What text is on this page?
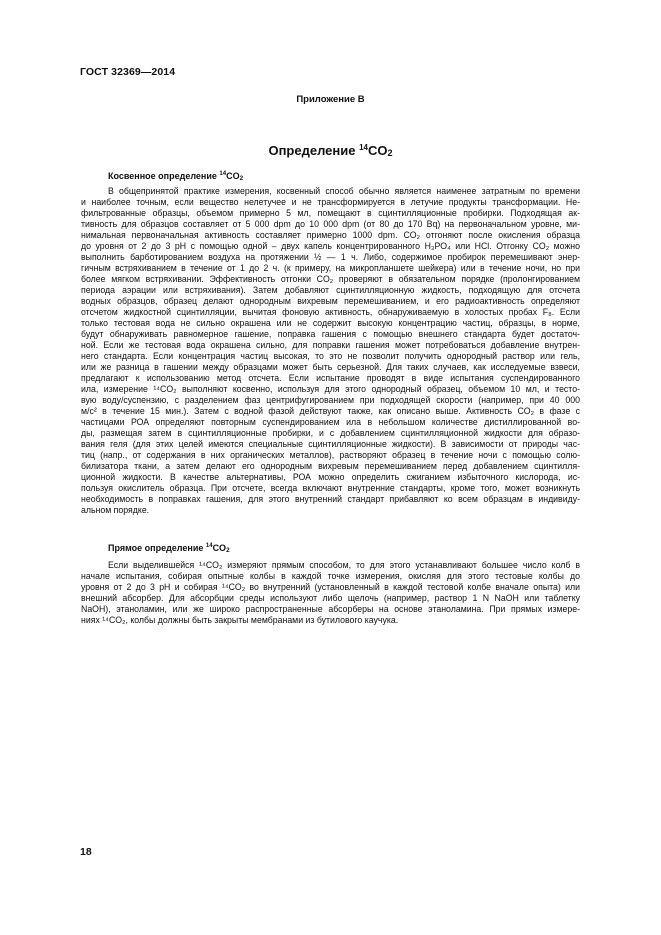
ГОСТ 32369—2014
Приложение В
Определение $^{14}CO_2$
Косвенное определение $^{14}CO_2$
В общепринятой практике измерения, косвенный способ обычно является наименее затратным по времени
и наиболее точным, если вещество нелетучее и не трансформируется в летучие продукты трансформации. Не-
фильтрованные образцы, объемом примерно 5 мл, помещают в сцинтилляционные пробирки. Подходящая ак-
тивность для образцов составляет от 5 000 dpm до 10 000 dpm (от 80 до 170 Bq) на первоначальном уровне, ми-
нимальная первоначальная активность составляет примерно 1000 dpm. CO₂ отгоняют после окисления образца
до уровня от 2 до 3 pH с помощью одной – двух капель концентрированного H₃PO₄ или HCl. Отгонку CO₂ можно
выполнить барботированием воздуха на протяжении ½ — 1 ч. Либо, содержимое пробирок перемешивают энер-
гичным встряхиванием в течение от 1 до 2 ч. (к примеру, на микропланшете шейкера) или в течение ночи, но при
более мягком встряхивании. Эффективность отгонки CO₂ проверяют в обязательном порядке (пролонгированием
периода аэрации или встряхивания). Затем добавляют сцинтилляционную жидкость, подходящую для отсчета
водных образцов, образец делают однородным вихревым перемешиванием, и его радиоактивность определяют
отсчетом жидкостной сцинтилляции, вычитая фоновую активность, обнаруживаемую в холостых пробах F₈. Если
только тестовая вода не сильно окрашена или не содержит высокую концентрацию частиц, образцы, в норме,
будут обнаруживать равномерное гашение, поправка гашения с помощью внешнего стандарта будет достаточ-
ной. Если же тестовая вода окрашена сильно, для поправки гашения может потребоваться добавление внутрен-
него стандарта. Если концентрация частиц высокая, то это не позволит получить однородный раствор или гель,
или же разница в гашении между образцами может быть серьезной. Для таких случаев, как исследуемые взвеси,
предлагают к использованию метод отсчета. Если испытание проводят в виде испытания суспендированного
ила, измерение ¹⁴CO₂ выполняют косвенно, используя для этого однородный образец, объемом 10 мл, и тесто-
вую воду/суспензию, с разделением фаз центрифугированием при подходящей скорости (например, при 40 000
м/с² в течение 15 мин.). Затем с водной фазой действуют также, как описано выше. Активность CO₂ в фазе с
частицами РОА определяют повторным суспендированием ила в небольшом количестве дистиллированной во-
ды, размещая затем в сцинтилляционные пробирки, и с добавлением сцинтилляционной жидкости для образо-
вания геля (для этих целей имеются специальные сцинтилляционные жидкости). В зависимости от природы час-
тиц (напр., от содержания в них органических металлов), растворяют образец в течение ночи с помощью солю-
билизатора ткани, а затем делают его однородным вихревым перемешиванием перед добавлением сцинтилля-
ционной жидкости. В качестве альтернативы, РОА можно определить сжиганием избыточного кислорода, ис-
пользуя окислитель образца. При отсчете, всегда включают внутренние стандарты, кроме того, может возникнуть
необходимость в поправках гашения, для этого внутренний стандарт прибавляют ко всем образцам в индивиду-
альном порядке.
Прямое определение $^{14}CO_2$
Если выделившейся ¹⁴CO₂ измеряют прямым способом, то для этого устанавливают большее число колб в
начале испытания, собирая опытные колбы в каждой точке измерения, окисляя для этого тестовые колбы до
уровня от 2 до 3 pH и собирая ¹⁴CO₂ во внутренний (установленный в каждой тестовой колбе вначале опыта) или
внешний абсорбер. Для абсорбции среды используют либо щелочь (например, раствор 1 N NaOH или таблетку
NaOH), этаноламин, или же широко распространенные абсорберы на основе этаноламина. При прямых измере-
ниях ¹⁴CO₂, колбы должны быть закрыты мембранами из бутилового каучука.
18
